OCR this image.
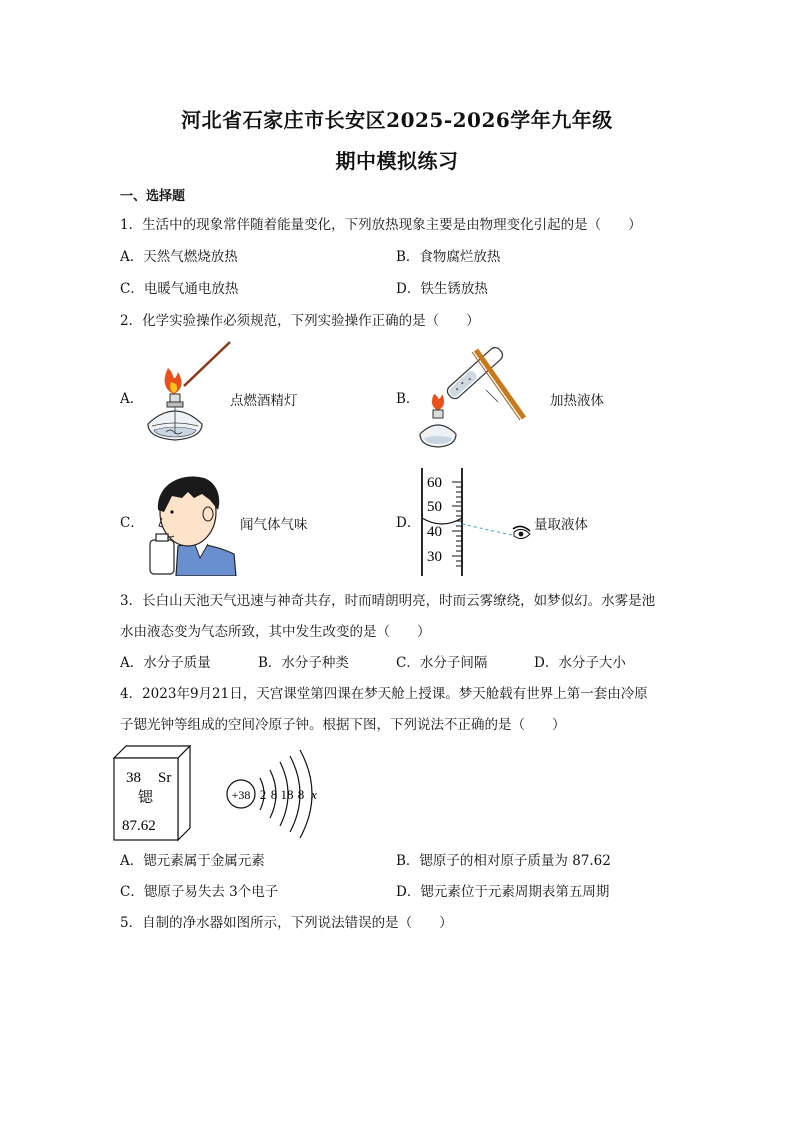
河北省石家庄市长安区2025-2026学年九年级
期中模拟练习
一、选择题
1．生活中的现象常伴随着能量变化，下列放热现象主要是由物理变化引起的是（　　）
A．天然气燃烧放热	B．食物腐烂放热
C．电暖气通电放热	D．铁生锈放热
2．化学实验操作必须规范，下列实验操作正确的是（　　）
A．	点燃酒精灯	B．	加热液体
C．	闻气体气味	D．
60
50
40
30
量取液体
3．长白山天池天气迅速与神奇共存，时而晴朗明亮，时而云雾缭绕，如梦似幻。水雾是池
水由液态变为气态所致，其中发生改变的是（　　）
A．水分子质量	B．水分子种类	C．水分子间隔	D．水分子大小
4．2023年9月21日，天宫课堂第四课在梦天舱上授课。梦天舱载有世界上第一套由冷原
子锶光钟等组成的空间冷原子钟。根据下图，下列说法不正确的是（　　）
38 Sr
锶
87.62
+38 2 8 18 8 x
A．锶元素属于金属元素	B．锶原子的相对原子质量为 87.62
C．锶原子易失去 3个电子	D．锶元素位于元素周期表第五周期
5．自制的净水器如图所示，下列说法错误的是（　　）
